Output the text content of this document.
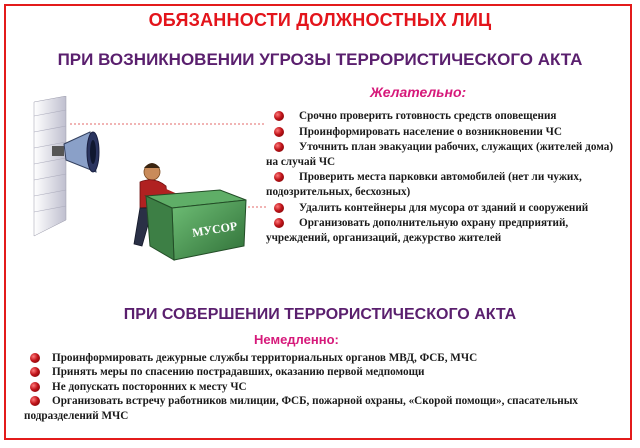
ОБЯЗАННОСТИ ДОЛЖНОСТНЫХ ЛИЦ
ПРИ ВОЗНИКНОВЕНИИ УГРОЗЫ ТЕРРОРИСТИЧЕСКОГО АКТА
МУСОР
Желательно:
Срочно проверить готовность средств оповещения
Проинформировать население о возникновении ЧС
Уточнить план эвакуации рабочих, служащих (жителей дома) на случай ЧС
Проверить места парковки автомобилей (нет ли чужих, подозрительных, бесхозных)
Удалить контейнеры для мусора от зданий и сооружений
Организовать дополнительную охрану предприятий, учреждений, организаций, дежурство жителей
ПРИ СОВЕРШЕНИИ ТЕРРОРИСТИЧЕСКОГО АКТА
Немедленно:
Проинформировать дежурные службы территориальных органов МВД, ФСБ, МЧС
Принять меры по спасению пострадавших, оказанию первой медпомощи
Не допускать посторонних к месту ЧС
Организовать встречу работников милиции, ФСБ, пожарной охраны, «Скорой помощи», спасательных подразделений МЧС
